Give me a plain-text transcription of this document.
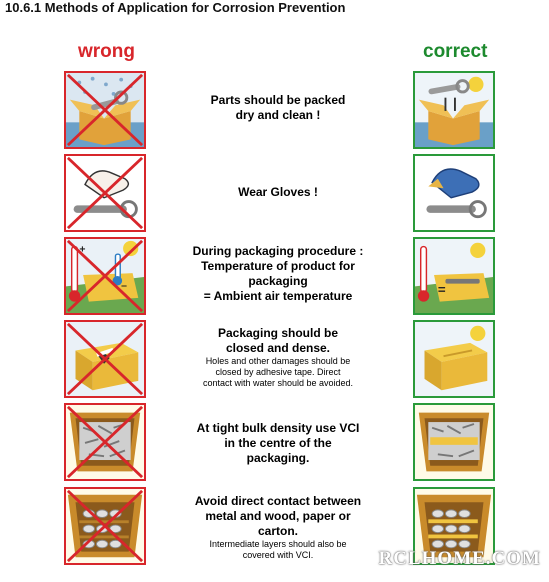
10.6.1 Methods of Application for Corrosion Prevention
wrong	correct
Parts should be packed
dry and clean !
Wear Gloves !
+
–
During packaging procedure :
Temperature of product for
packaging
= Ambient air temperature	=
Packaging should be
closed and dense.
Holes and other damages should be
closed by adhesive tape. Direct
contact with water should be avoided.
At tight bulk density use VCI
in the centre of the
packaging.
Avoid direct contact between
metal and wood, paper or
carton.
Intermediate layers should also be
covered with VCI.	RCLHOME.COM
